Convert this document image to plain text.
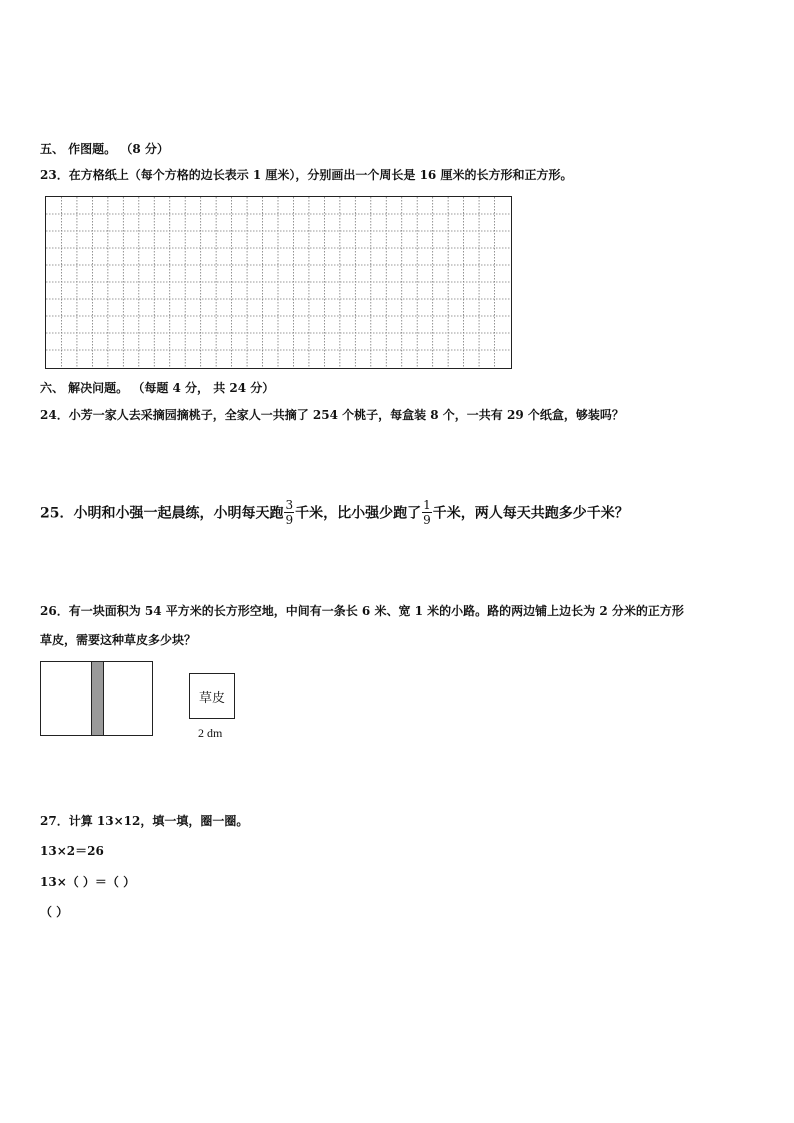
五、 作图题。 （8 分）
23．在方格纸上（每个方格的边长表示 1 厘米），分别画出一个周长是 16 厘米的长方形和正方形。
六、 解决问题。 （每题 4 分， 共 24 分）
24．小芳一家人去采摘园摘桃子，全家人一共摘了 254 个桃子，每盒装 8 个，一共有 29 个纸盒，够装吗？
25．小明和小强一起晨练，小明每天跑 $\frac{3}{9}$ 千米，比小强少跑了 $\frac{1}{9}$ 千米，两人每天共跑多少千米？
26．有一块面积为 54 平方米的长方形空地，中间有一条长 6 米、宽 1 米的小路。路的两边铺上边长为 2 分米的正方形
草皮，需要这种草皮多少块？
草皮
2 dm
27．计算 13×12，填一填，圈一圈。
13×2＝26
13×（ ）＝（ ）
（ ）
